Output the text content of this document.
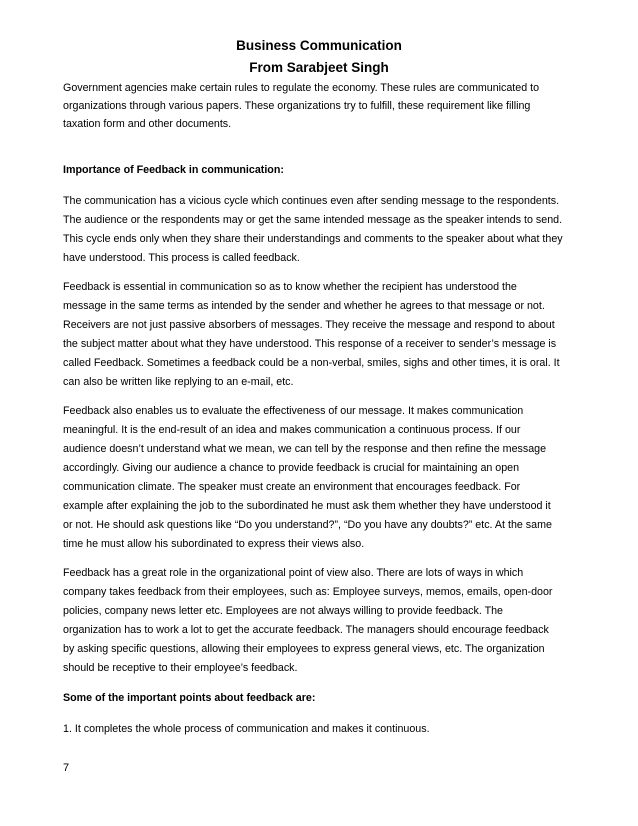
Business Communication
From Sarabjeet Singh
Government agencies make certain rules to regulate the economy. These rules are communicated to
organizations through various papers. These organizations try to fulfill, these requirement like filling
taxation form and other documents.
Importance of Feedback in communication:
The communication has a vicious cycle which continues even after sending message to the respondents.
The audience or the respondents may or get the same intended message as the speaker intends to send.
This cycle ends only when they share their understandings and comments to the speaker about what they
have understood. This process is called feedback.
Feedback is essential in communication so as to know whether the recipient has understood the
message in the same terms as intended by the sender and whether he agrees to that message or not.
Receivers are not just passive absorbers of messages. They receive the message and respond to about
the subject matter about what they have understood. This response of a receiver to sender’s message is
called Feedback. Sometimes a feedback could be a non-verbal, smiles, sighs and other times, it is oral. It
can also be written like replying to an e-mail, etc.
Feedback also enables us to evaluate the effectiveness of our message. It makes communication
meaningful. It is the end-result of an idea and makes communication a continuous process. If our
audience doesn’t understand what we mean, we can tell by the response and then refine the message
accordingly. Giving our audience a chance to provide feedback is crucial for maintaining an open
communication climate. The speaker must create an environment that encourages feedback. For
example after explaining the job to the subordinated he must ask them whether they have understood it
or not. He should ask questions like “Do you understand?”, “Do you have any doubts?” etc. At the same
time he must allow his subordinated to express their views also.
Feedback has a great role in the organizational point of view also. There are lots of ways in which
company takes feedback from their employees, such as: Employee surveys, memos, emails, open-door
policies, company news letter etc. Employees are not always willing to provide feedback. The
organization has to work a lot to get the accurate feedback. The managers should encourage feedback
by asking specific questions, allowing their employees to express general views, etc. The organization
should be receptive to their employee’s feedback.
Some of the important points about feedback are:
1. It completes the whole process of communication and makes it continuous.
7
